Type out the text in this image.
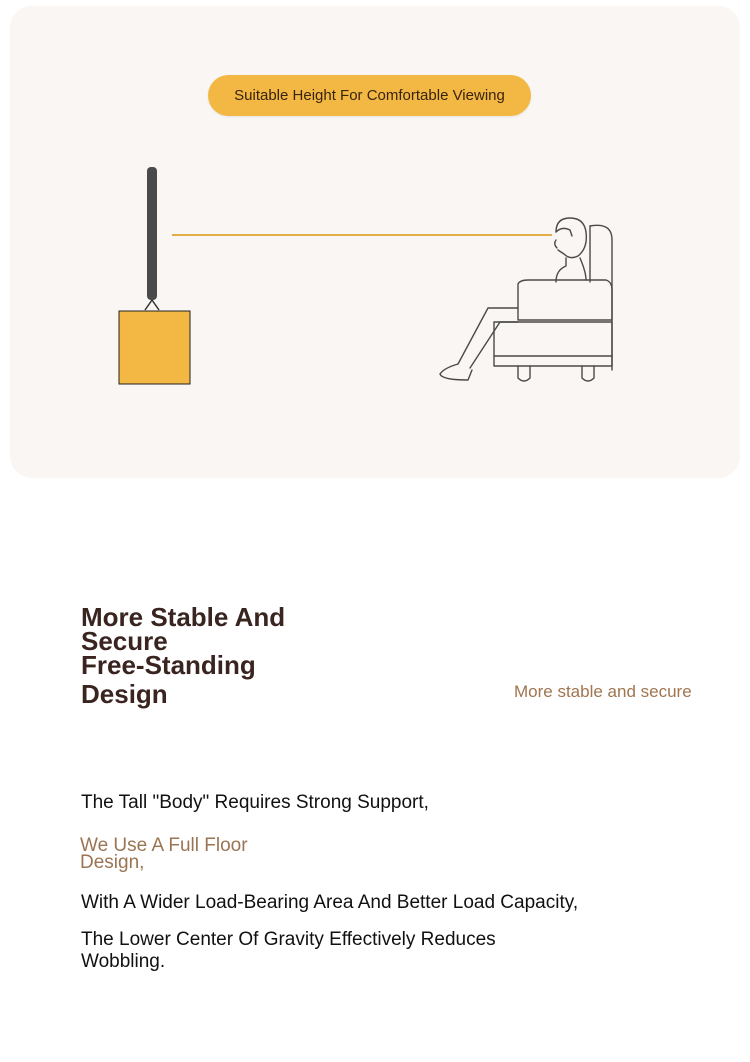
Suitable Height For Comfortable Viewing
More Stable And
Secure
Free-Standing
Design	More stable and secure
The Tall "Body" Requires Strong Support,
We Use A Full Floor Design,
With A Wider Load-Bearing Area And Better Load Capacity,
The Lower Center Of Gravity Effectively Reduces Wobbling.
